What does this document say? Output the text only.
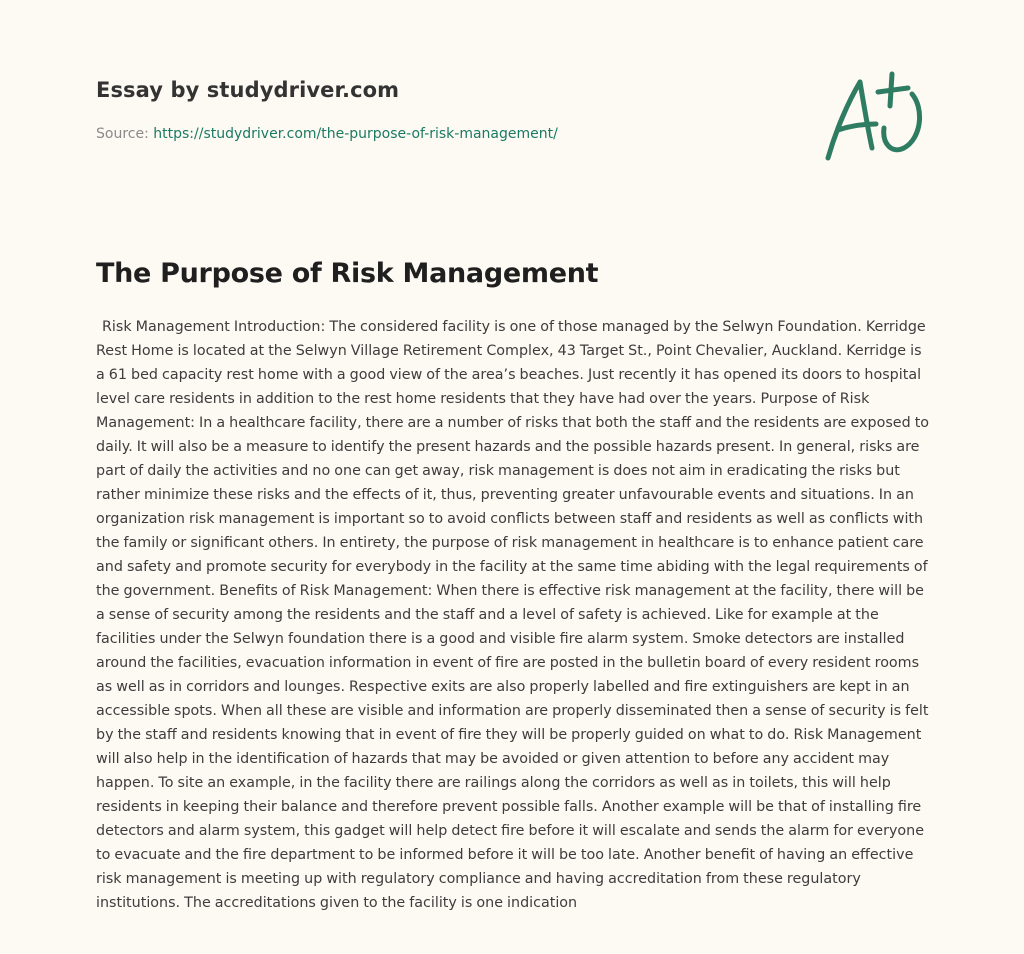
Essay by studydriver.com
Source: https://studydriver.com/the-purpose-of-risk-management/
The Purpose of Risk Management

Risk Management Introduction: The considered facility is one of those managed by the Selwyn Foundation. Kerridge Rest Home is located at the Selwyn Village Retirement Complex, 43 Target St., Point Chevalier, Auckland. Kerridge is a 61 bed capacity rest home with a good view of the area’s beaches. Just recently it has opened its doors to hospital level care residents in addition to the rest home residents that they have had over the years. Purpose of Risk Management: In a healthcare facility, there are a number of risks that both the staff and the residents are exposed to daily. It will also be a measure to identify the present hazards and the possible hazards present. In general, risks are part of daily the activities and no one can get away, risk management is does not aim in eradicating the risks but rather minimize these risks and the effects of it, thus, preventing greater unfavourable events and situations. In an organization risk management is important so to avoid conflicts between staff and residents as well as conflicts with the family or significant others. In entirety, the purpose of risk management in healthcare is to enhance patient care and safety and promote security for everybody in the facility at the same time abiding with the legal requirements of the government. Benefits of Risk Management: When there is effective risk management at the facility, there will be a sense of security among the residents and the staff and a level of safety is achieved. Like for example at the facilities under the Selwyn foundation there is a good and visible fire alarm system. Smoke detectors are installed around the facilities, evacuation information in event of fire are posted in the bulletin board of every resident rooms as well as in corridors and lounges. Respective exits are also properly labelled and fire extinguishers are kept in an accessible spots. When all these are visible and information are properly disseminated then a sense of security is felt by the staff and residents knowing that in event of fire they will be properly guided on what to do. Risk Management will also help in the identification of hazards that may be avoided or given attention to before any accident may happen. To site an example, in the facility there are railings along the corridors as well as in toilets, this will help residents in keeping their balance and therefore prevent possible falls. Another example will be that of installing fire detectors and alarm system, this gadget will help detect fire before it will escalate and sends the alarm for everyone to evacuate and the fire department to be informed before it will be too late. Another benefit of having an effective risk management is meeting up with regulatory compliance and having accreditation from these regulatory institutions. The accreditations given to the facility is one indication
